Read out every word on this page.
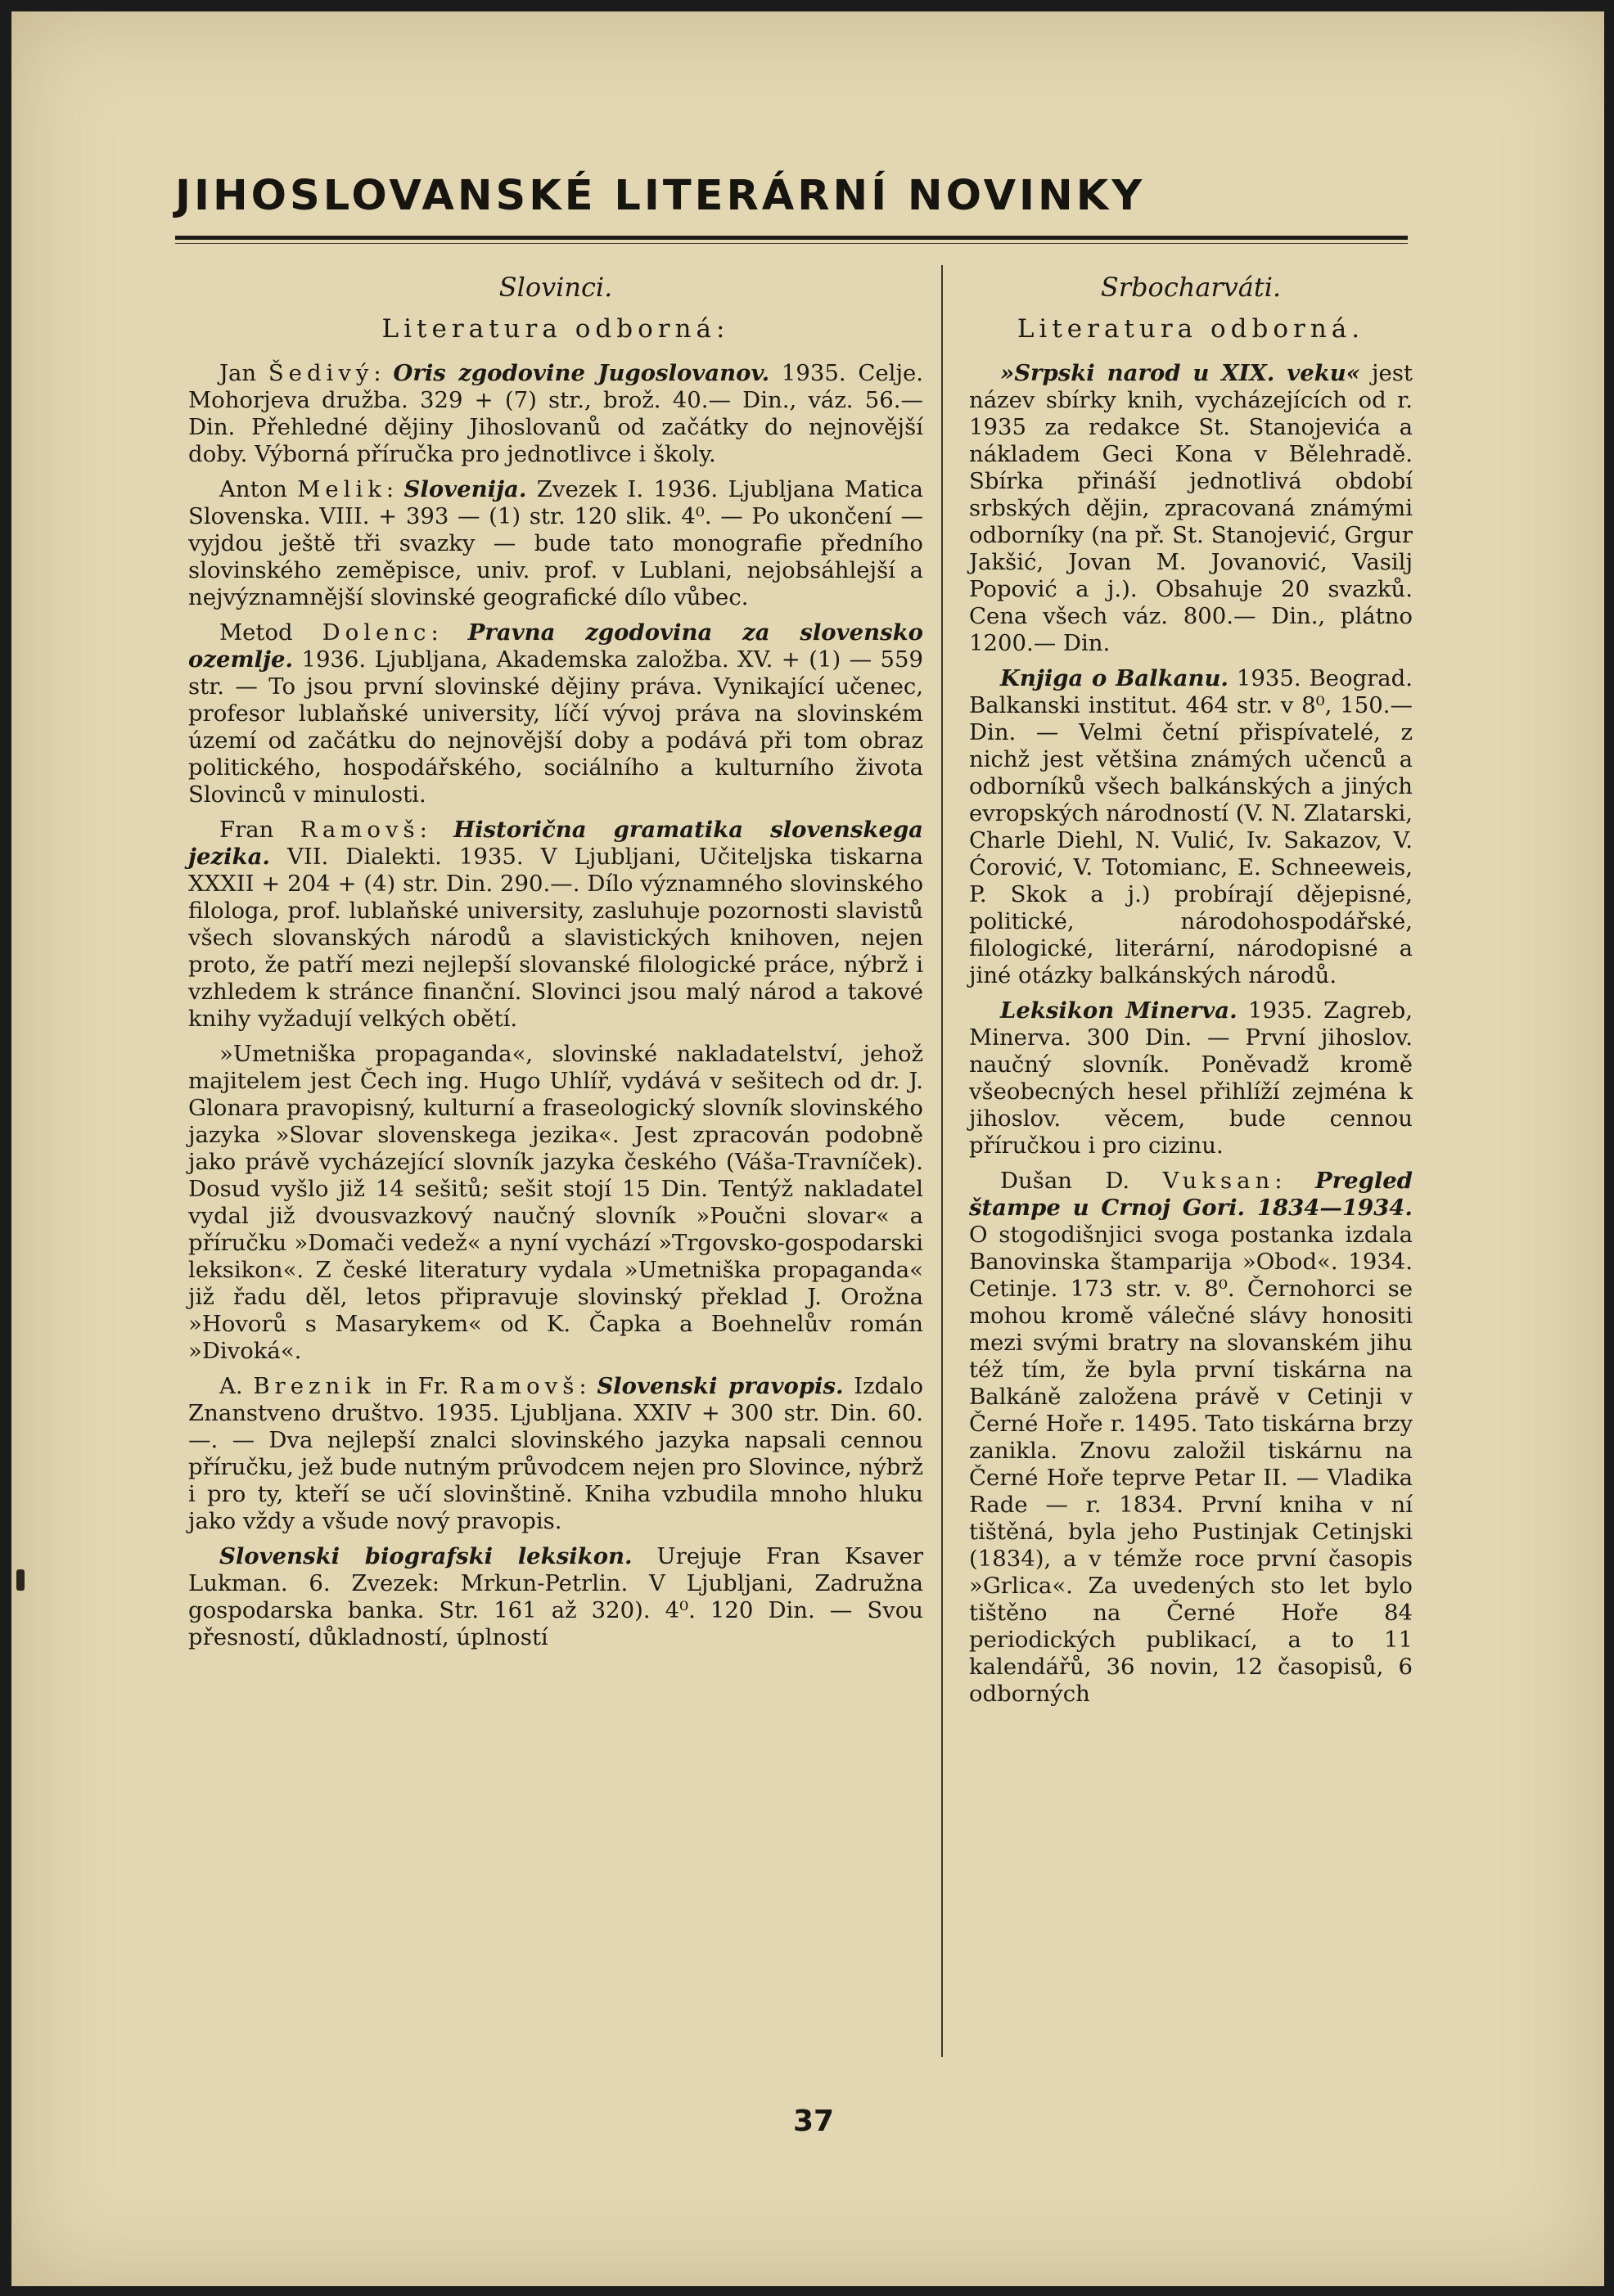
JIHOSLOVANSKÉ LITERÁRNÍ NOVINKY
Slovinci.
Literatura odborná:

Jan Šedivý: Oris zgodovine Jugoslovanov. 1935. Celje. Mohorjeva družba. 329 + (7) str., brož. 40.— Din., váz. 56.— Din. Přehledné dějiny Jihoslovanů od začátky do nejnovější doby. Výborná příručka pro jednotlivce i školy.

Anton Melik: Slovenija. Zvezek I. 1936. Ljubljana Matica Slovenska. VIII. + 393 — (1) str. 120 slik. 4⁰. — Po ukončení — vyjdou ještě tři svazky — bude tato monografie předního slovinského zeměpisce, univ. prof. v Lublani, nejobsáhlejší a nejvýznamnější slovinské geografické dílo vůbec.

Metod Dolenc: Pravna zgodovina za slovensko ozemlje. 1936. Ljubljana, Akademska založba. XV. + (1) — 559 str. — To jsou první slovinské dějiny práva. Vynikající učenec, profesor lublaňské university, líčí vývoj práva na slovinském území od začátku do nejnovější doby a podává při tom obraz politického, hospodářského, sociálního a kulturního života Slovinců v minulosti.

Fran Ramovš: Historična gramatika slovenskega jezika. VII. Dialekti. 1935. V Ljubljani, Učiteljska tiskarna XXXII + 204 + (4) str. Din. 290.—. Dílo významného slovinského filologa, prof. lublaňské university, zasluhuje pozornosti slavistů všech slovanských národů a slavistických knihoven, nejen proto, že patří mezi nejlepší slovanské filologické práce, nýbrž i vzhledem k stránce finanční. Slovinci jsou malý národ a takové knihy vyžadují velkých obětí.

»Umetniška propaganda«, slovinské nakladatelství, jehož majitelem jest Čech ing. Hugo Uhlíř, vydává v sešitech od dr. J. Glonara pravopisný, kulturní a fraseologický slovník slovinského jazyka »Slovar slovenskega jezika«. Jest zpracován podobně jako právě vycházející slovník jazyka českého (Váša-Travníček). Dosud vyšlo již 14 sešitů; sešit stojí 15 Din. Tentýž nakladatel vydal již dvousvazkový naučný slovník »Poučni slovar« a příručku »Domači vedež« a nyní vychází »Trgovsko-gospodarski leksikon«. Z české literatury vydala »Umetniška propaganda« již řadu děl, letos připravuje slovinský překlad J. Orožna »Hovorů s Masarykem« od K. Čapka a Boehnelův román »Divoká«.

A. Breznik in Fr. Ramovš: Slovenski pravopis. Izdalo Znanstveno društvo. 1935. Ljubljana. XXIV + 300 str. Din. 60.—. — Dva nejlepší znalci slovinského jazyka napsali cennou příručku, jež bude nutným průvodcem nejen pro Slovince, nýbrž i pro ty, kteří se učí slovinštině. Kniha vzbudila mnoho hluku jako vždy a všude nový pravopis.

Slovenski biografski leksikon. Urejuje Fran Ksaver Lukman. 6. Zvezek: Mrkun-Petrlin. V Ljubljani, Zadružna gospodarska banka. Str. 161 až 320). 4⁰. 120 Din. — Svou přesností, důkladností, úplností

Srbocharváti.
Literatura odborná.

»Srpski narod u XIX. veku« jest název sbírky knih, vycházejících od r. 1935 za redakce St. Stanojevića a nákladem Geci Kona v Bělehradě. Sbírka přináší jednotlivá období srbských dějin, zpracovaná známými odborníky (na př. St. Stanojević, Grgur Jakšić, Jovan M. Jovanović, Vasilj Popović a j.). Obsahuje 20 svazků. Cena všech váz. 800.— Din., plátno 1200.— Din.

Knjiga o Balkanu. 1935. Beograd. Balkanski institut. 464 str. v 8⁰, 150.— Din. — Velmi četní přispívatelé, z nichž jest většina známých učenců a odborníků všech balkánských a jiných evropských národností (V. N. Zlatarski, Charle Diehl, N. Vulić, Iv. Sakazov, V. Ćorović, V. Totomianc, E. Schneeweis, P. Skok a j.) probírají dějepisné, politické, národohospodářské, filologické, literární, národopisné a jiné otázky balkánských národů.

Leksikon Minerva. 1935. Zagreb, Minerva. 300 Din. — První jihoslov. naučný slovník. Poněvadž kromě všeobecných hesel přihlíží zejména k jihoslov. věcem, bude cennou příručkou i pro cizinu.

Dušan D. Vuksan: Pregled štampe u Crnoj Gori. 1834—1934. O stogodišnjici svoga postanka izdala Banovinska štamparija »Obod«. 1934. Cetinje. 173 str. v. 8⁰. Černohorci se mohou kromě válečné slávy honositi mezi svými bratry na slovanském jihu též tím, že byla první tiskárna na Balkáně založena právě v Cetinji v Černé Hoře r. 1495. Tato tiskárna brzy zanikla. Znovu založil tiskárnu na Černé Hoře teprve Petar II. — Vladika Rade — r. 1834. První kniha v ní tištěná, byla jeho Pustinjak Cetinjski (1834), a v témže roce první časopis »Grlica«. Za uvedených sto let bylo tištěno na Černé Hoře 84 periodických publikací, a to 11 kalendářů, 36 novin, 12 časopisů, 6 odborných

37
